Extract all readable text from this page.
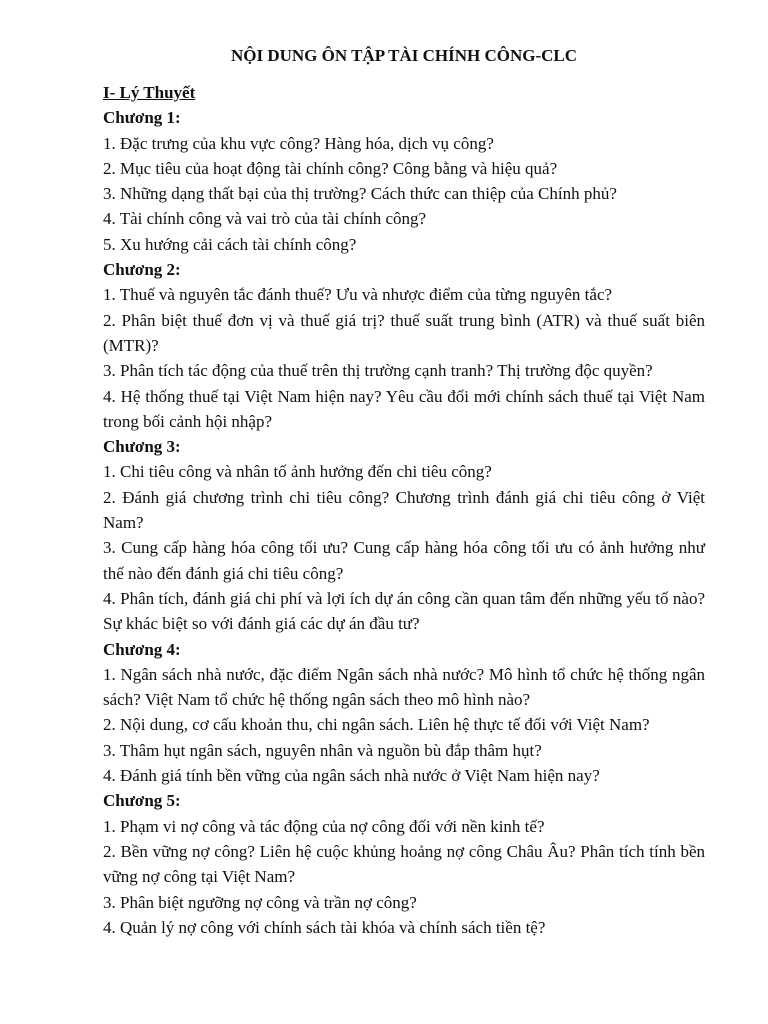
NỘI DUNG ÔN TẬP TÀI CHÍNH CÔNG-CLC

I- Lý Thuyết

Chương 1:

1. Đặc trưng của khu vực công? Hàng hóa, dịch vụ công?

2. Mục tiêu của hoạt động tài chính công? Công bằng và hiệu quả?

3. Những dạng thất bại của thị trường? Cách thức can thiệp của Chính phủ?

4. Tài chính công và vai trò của tài chính công?

5. Xu hướng cải cách tài chính công?

Chương 2:

1. Thuế và nguyên tắc đánh thuế? Ưu và nhược điểm của từng nguyên tắc?

2. Phân biệt thuế đơn vị và thuế giá trị? thuế suất trung bình (ATR) và thuế suất biên (MTR)?

3. Phân tích tác động của thuế trên thị trường cạnh tranh? Thị trường độc quyền?

4. Hệ thống thuế tại Việt Nam hiện nay? Yêu cầu đổi mới chính sách thuế tại Việt Nam trong bối cảnh hội nhập?

Chương 3:

1. Chi tiêu công và nhân tố ảnh hưởng đến chi tiêu công?

2. Đánh giá chương trình chi tiêu công? Chương trình đánh giá chi tiêu công ở Việt Nam?

3. Cung cấp hàng hóa công tối ưu? Cung cấp hàng hóa công tối ưu có ảnh hưởng như thế nào đến đánh giá chi tiêu công?

4. Phân tích, đánh giá chi phí và lợi ích dự án công cần quan tâm đến những yếu tố nào? Sự khác biệt so với đánh giá các dự án đầu tư?

Chương 4:

1. Ngân sách nhà nước, đặc điểm Ngân sách nhà nước? Mô hình tổ chức hệ thống ngân sách? Việt Nam tổ chức hệ thống ngân sách theo mô hình nào?

2. Nội dung, cơ cấu khoản thu, chi ngân sách. Liên hệ thực tế đối với Việt Nam?

3. Thâm hụt ngân sách, nguyên nhân và nguồn bù đắp thâm hụt?

4. Đánh giá tính bền vững của ngân sách nhà nước ở Việt Nam hiện nay?

Chương 5:

1. Phạm vi nợ công và tác động của nợ công đối với nền kinh tế?

2. Bền vững nợ công? Liên hệ cuộc khủng hoảng nợ công Châu Âu? Phân tích tính bền vững nợ công tại Việt Nam?

3. Phân biệt ngưỡng nợ công và trần nợ công?

4. Quản lý nợ công với chính sách tài khóa và chính sách tiền tệ?
